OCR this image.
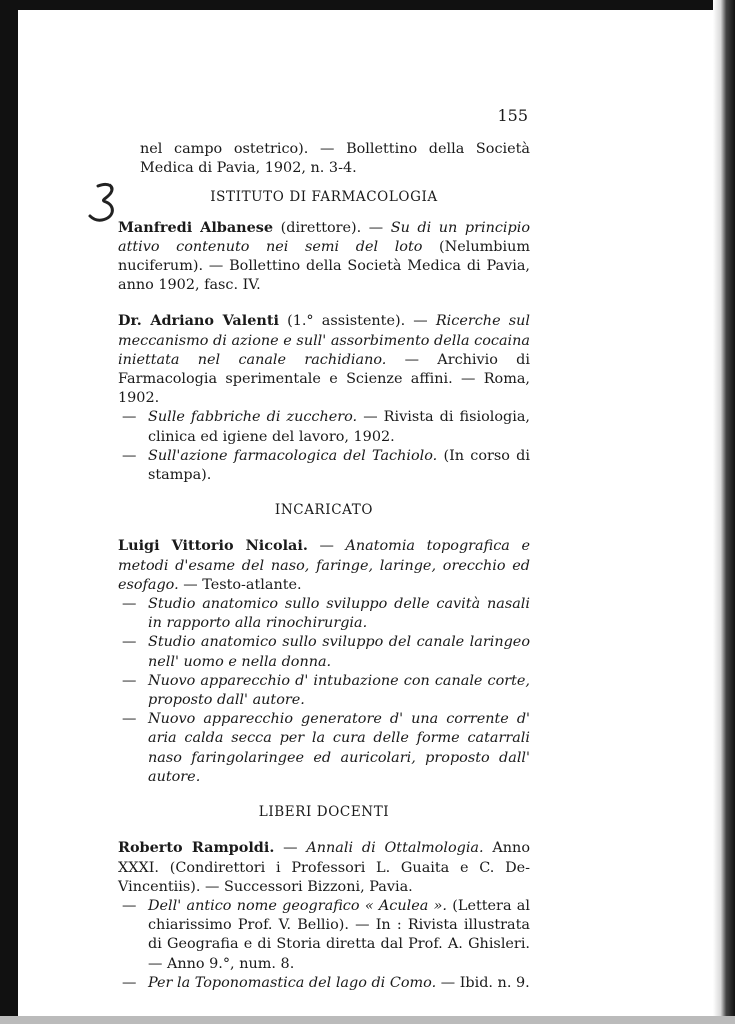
155
nel campo ostetrico). — Bollettino della Società Medica di Pavia, 1902, n. 3-4.
ISTITUTO DI FARMACOLOGIA
Manfredi Albanese (direttore). — Su di un principio attivo contenuto nei semi del loto (Nelumbium nuciferum). — Bollettino della Società Medica di Pavia, anno 1902, fasc. IV.
Dr. Adriano Valenti (1.° assistente). — Ricerche sul meccanismo di azione e sull' assorbimento della cocaina iniettata nel canale rachidiano. — Archivio di Farmacologia sperimentale e Scienze affini. — Roma, 1902.
— Sulle fabbriche di zucchero. — Rivista di fisiologia, clinica ed igiene del lavoro, 1902.
— Sull'azione farmacologica del Tachiolo. (In corso di stampa).
INCARICATO
Luigi Vittorio Nicolai. — Anatomia topografica e metodi d'esame del naso, faringe, laringe, orecchio ed esofago. — Testo-atlante.
— Studio anatomico sullo sviluppo delle cavità nasali in rapporto alla rinochirurgia.
— Studio anatomico sullo sviluppo del canale laringeo nell' uomo e nella donna.
— Nuovo apparecchio d' intubazione con canale corte, proposto dall' autore.
— Nuovo apparecchio generatore d' una corrente d' aria calda secca per la cura delle forme catarrali naso faringolaringee ed auricolari, proposto dall' autore.
LIBERI DOCENTI
Roberto Rampoldi. — Annali di Ottalmologia. Anno XXXI. (Condirettori i Professori L. Guaita e C. De-Vincentiis). — Successori Bizzoni, Pavia.
— Dell' antico nome geografico « Aculea ». (Lettera al chiarissimo Prof. V. Bellio). — In : Rivista illustrata di Geografia e di Storia diretta dal Prof. A. Ghisleri. — Anno 9.°, num. 8.
— Per la Toponomastica del lago di Como. — Ibid. n. 9.
